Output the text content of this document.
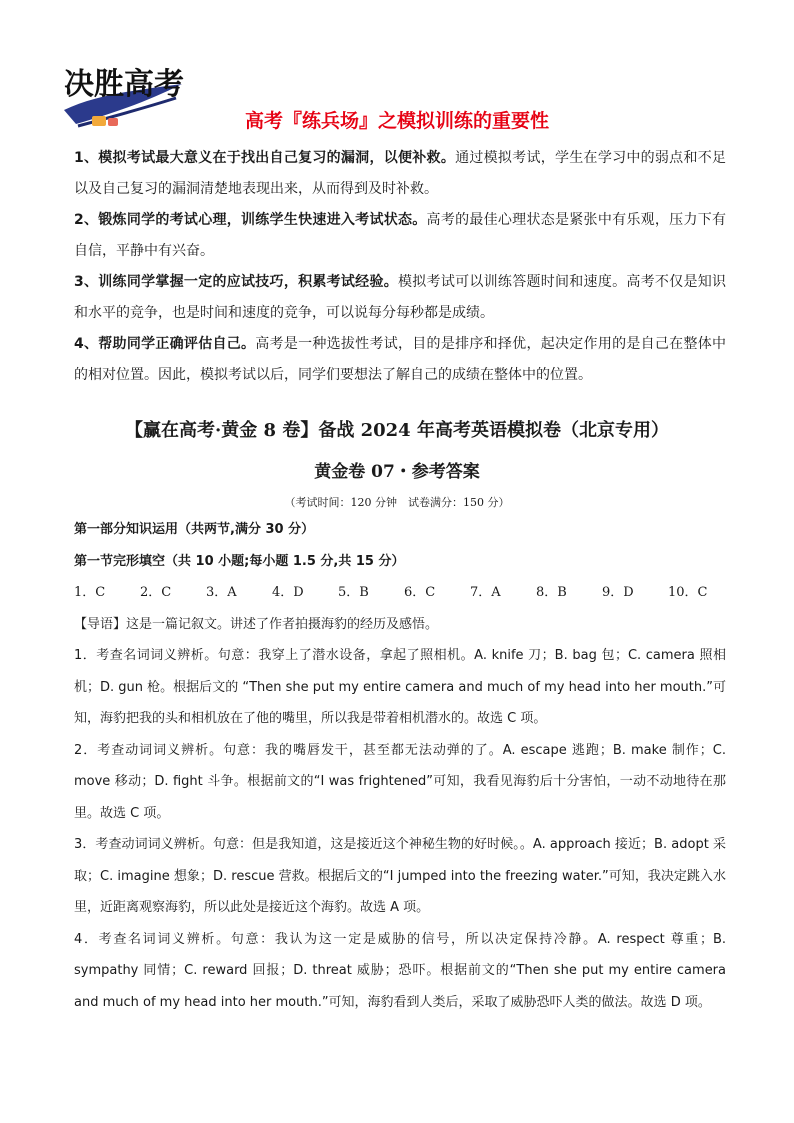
决胜高考
高考『练兵场』之模拟训练的重要性

1、模拟考试最大意义在于找出自己复习的漏洞，以便补救。通过模拟考试，学生在学习中的弱点和不足以及自己复习的漏洞清楚地表现出来，从而得到及时补救。

2、锻炼同学的考试心理，训练学生快速进入考试状态。高考的最佳心理状态是紧张中有乐观，压力下有自信，平静中有兴奋。

3、训练同学掌握一定的应试技巧，积累考试经验。模拟考试可以训练答题时间和速度。高考不仅是知识和水平的竞争，也是时间和速度的竞争，可以说每分每秒都是成绩。

4、帮助同学正确评估自己。高考是一种选拔性考试，目的是排序和择优，起决定作用的是自己在整体中的相对位置。因此，模拟考试以后，同学们要想法了解自己的成绩在整体中的位置。

【赢在高考·黄金 8 卷】备战 2024 年高考英语模拟卷（北京专用）
黄金卷 07・参考答案
（考试时间：120 分钟　试卷满分：150 分）

第一部分知识运用（共两节,满分 30 分）

第一节完形填空（共 10 小题;每小题 1.5 分,共 15 分）

1．C	2．C	3．A	4．D	5．B	6．C	7．A	8．B	9．D	10．C

【导语】这是一篇记叙文。讲述了作者拍摄海豹的经历及感悟。

1．考查名词词义辨析。句意：我穿上了潜水设备，拿起了照相机。A. knife 刀；B. bag 包；C. camera 照相机；D. gun 枪。根据后文的 “Then she put my entire camera and much of my head into her mouth.”可知，海豹把我的头和相机放在了他的嘴里，所以我是带着相机潜水的。故选 C 项。

2．考查动词词义辨析。句意：我的嘴唇发干，甚至都无法动弹的了。A. escape 逃跑；B. make 制作；C. move 移动；D. fight 斗争。根据前文的“I was frightened”可知，我看见海豹后十分害怕，一动不动地待在那里。故选 C 项。

3．考查动词词义辨析。句意：但是我知道，这是接近这个神秘生物的好时候。。A. approach 接近；B. adopt 采取；C. imagine 想象；D. rescue 营救。根据后文的“I jumped into the freezing water.”可知，我决定跳入水里，近距离观察海豹，所以此处是接近这个海豹。故选 A 项。

4．考查名词词义辨析。句意：我认为这一定是威胁的信号，所以决定保持冷静。A. respect 尊重；B. sympathy 同情；C. reward 回报；D. threat 威胁；恐吓。根据前文的“Then she put my entire camera and much of my head into her mouth.”可知，海豹看到人类后，采取了威胁恐吓人类的做法。故选 D 项。
